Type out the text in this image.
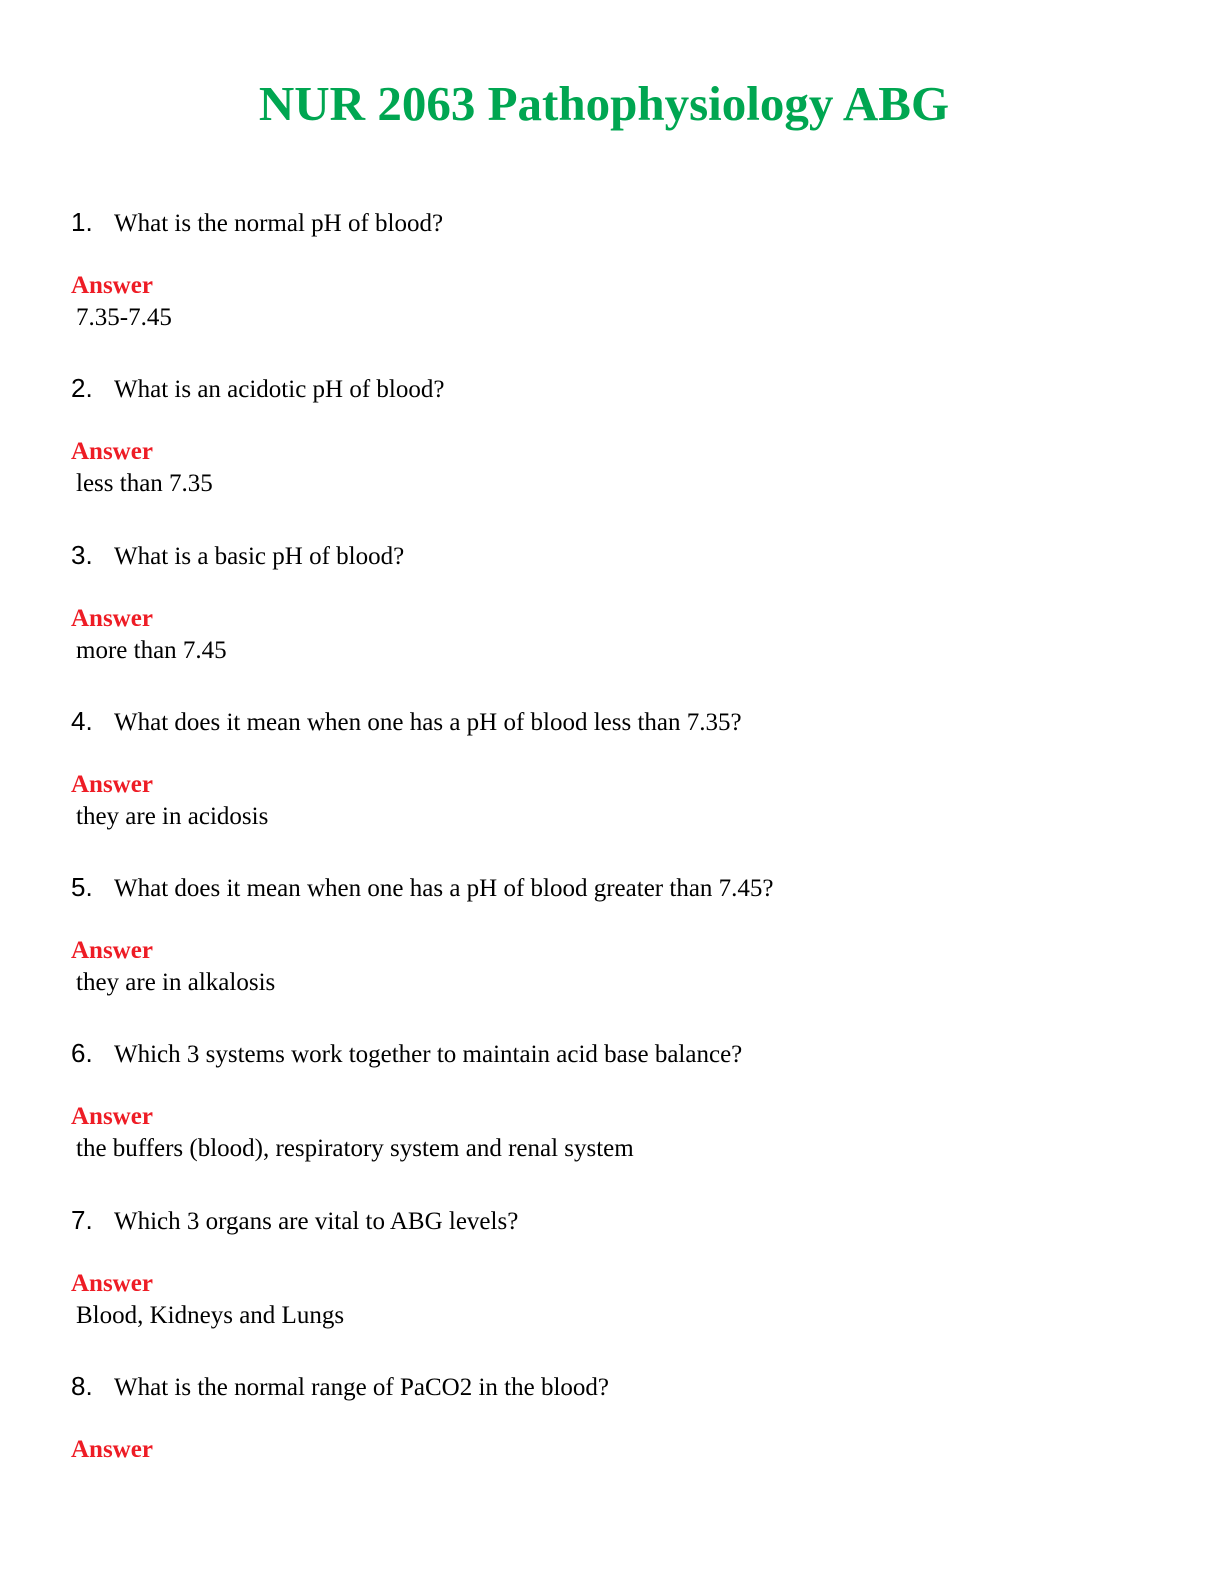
NUR 2063 Pathophysiology ABG
1. What is the normal pH of blood?
Answer
7.35-7.45
2. What is an acidotic pH of blood?
Answer
less than 7.35
3. What is a basic pH of blood?
Answer
more than 7.45
4. What does it mean when one has a pH of blood less than 7.35?
Answer
they are in acidosis
5. What does it mean when one has a pH of blood greater than 7.45?
Answer
they are in alkalosis
6. Which 3 systems work together to maintain acid base balance?
Answer
the buffers (blood), respiratory system and renal system
7. Which 3 organs are vital to ABG levels?
Answer
Blood, Kidneys and Lungs
8. What is the normal range of PaCO2 in the blood?
Answer
